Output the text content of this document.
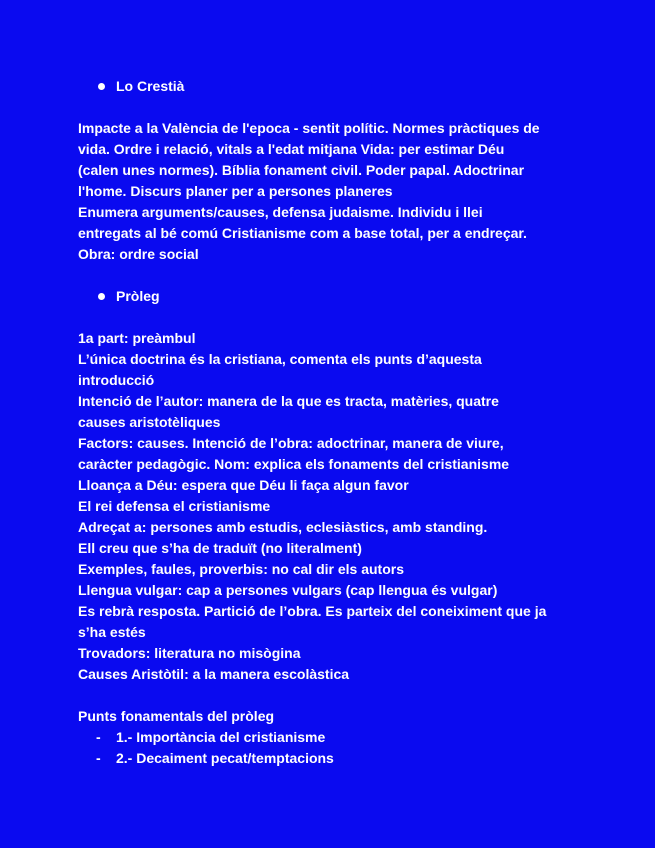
Lo Crestià
Impacte a la València de l'epoca - sentit polític. Normes pràctiques de
vida. Ordre i relació, vitals a l'edat mitjana Vida: per estimar Déu
(calen unes normes). Bíblia fonament civil. Poder papal. Adoctrinar
l'home. Discurs planer per a persones planeres
Enumera arguments/causes, defensa judaisme. Individu i llei
entregats al bé comú Cristianisme com a base total, per a endreçar.
Obra: ordre social
Pròleg
1a part: preàmbul
L’única doctrina és la cristiana, comenta els punts d’aquesta
introducció
Intenció de l’autor: manera de la que es tracta, matèries, quatre
causes aristotèliques
Factors: causes. Intenció de l’obra: adoctrinar, manera de viure,
caràcter pedagògic. Nom: explica els fonaments del cristianisme
Lloança a Déu: espera que Déu li faça algun favor
El rei defensa el cristianisme
Adreçat a: persones amb estudis, eclesiàstics, amb standing.
Ell creu que s’ha de traduït (no literalment)
Exemples, faules, proverbis: no cal dir els autors
Llengua vulgar: cap a persones vulgars (cap llengua és vulgar)
Es rebrà resposta. Partició de l’obra. Es parteix del coneiximent que ja
s’ha estés
Trovadors: literatura no misògina
Causes Aristòtil: a la manera escolàstica
Punts fonamentals del pròleg
- 1.- Importància del cristianisme
- 2.- Decaiment pecat/temptacions
